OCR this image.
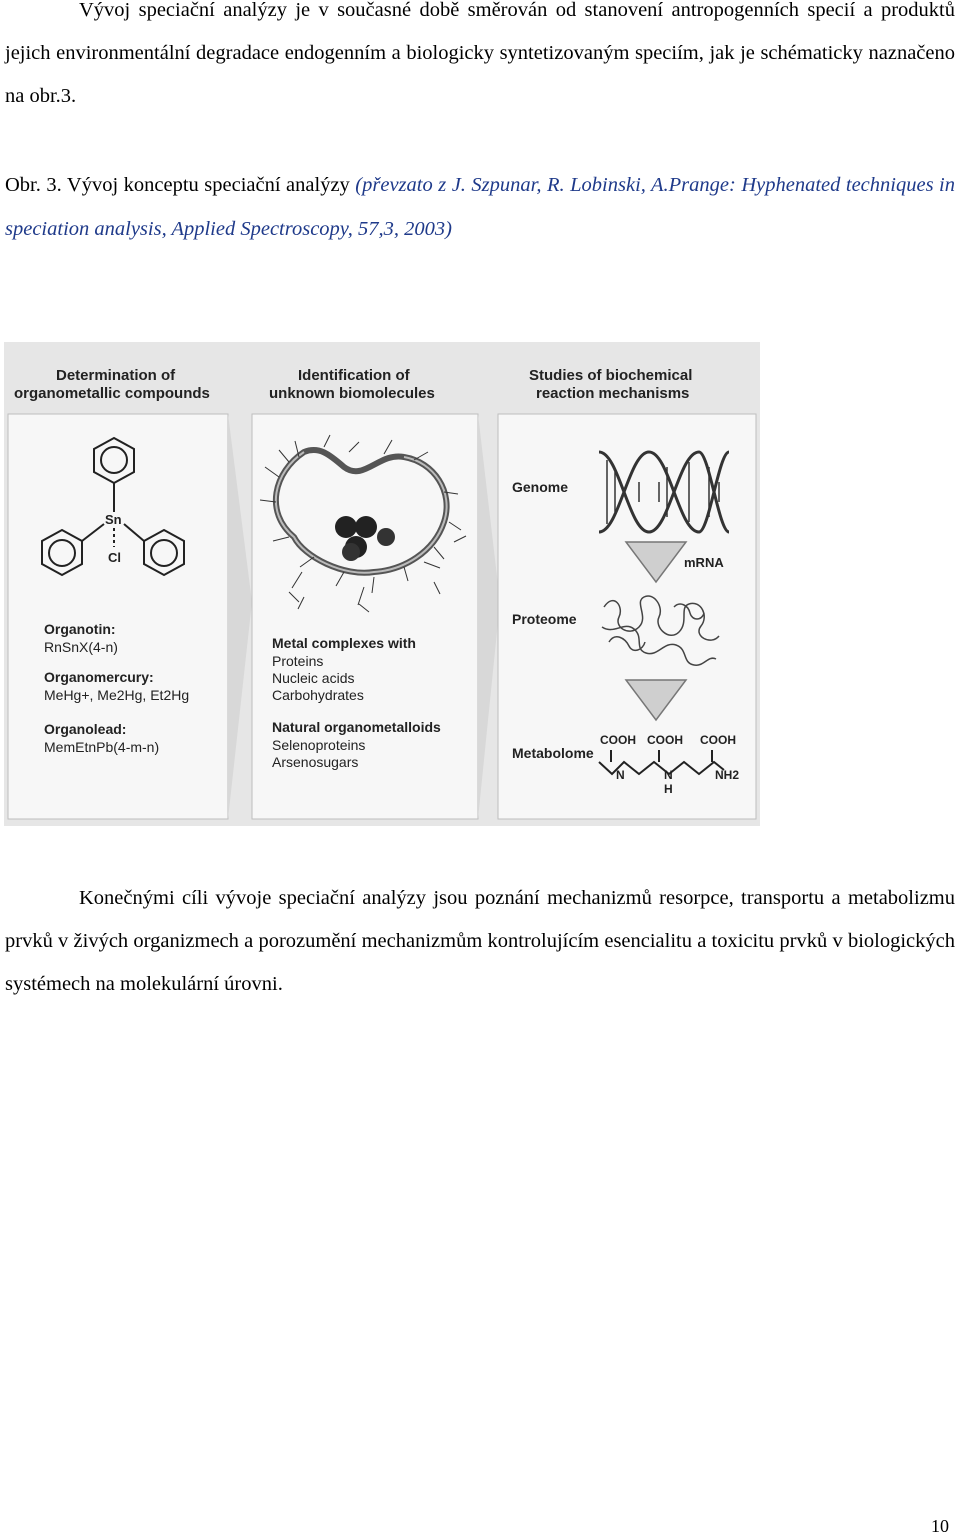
Vývoj speciační analýzy je v současné době směrován od stanovení antropogenních specií a produktů jejich environmentální degradace endogenním a biologicky syntetizovaným speciím, jak je schématicky naznačeno na obr.3.

Obr. 3. Vývoj konceptu speciační analýzy (převzato z J. Szpunar, R. Lobinski, A.Prange: Hyphenated techniques in speciation analysis, Applied Spectroscopy, 57,3, 2003)

Determination of
organometallic compounds
Identification of
unknown biomolecules
Studies of biochemical
reaction mechanisms
Sn
Cl
Organotin:
RnSnX(4-n)
Organomercury:
MeHg+, Me2Hg, Et2Hg
Organolead:
MemEtnPb(4-m-n)
Metal complexes with
Proteins
Nucleic acids
Carbohydrates
Natural organometalloids
Selenoproteins
Arsenosugars
Genome
mRNA
Proteome
Metabolome
COOH COOH COOH
N	N
H
NH2

Konečnými cíli vývoje speciační analýzy jsou poznání mechanizmů resorpce, transportu a metabolizmu prvků v živých organizmech a porozumění mechanizmům kontrolujícím esencialitu a toxicitu prvků v biologických systémech na molekulární úrovni.

10
